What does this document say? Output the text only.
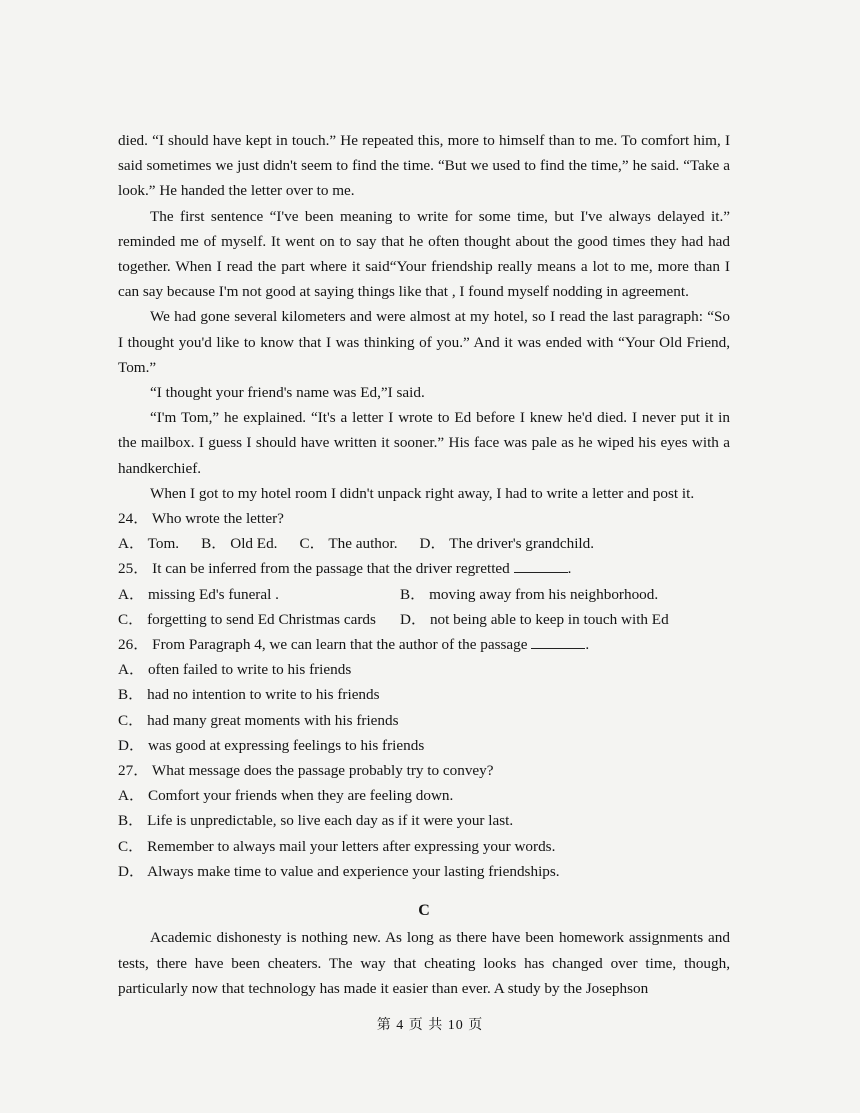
died. “I should have kept in touch.” He repeated this, more to himself than to me. To comfort him, I said sometimes we just didn't seem to find the time. “But we used to find the time,” he said. “Take a look.” He handed the letter over to me.

The first sentence “I've been meaning to write for some time, but I've always delayed it.” reminded me of myself. It went on to say that he often thought about the good times they had had together. When I read the part where it said“Your friendship really means a lot to me, more than I can say because I'm not good at saying things like that , I found myself nodding in agreement.

We had gone several kilometers and were almost at my hotel, so I read the last paragraph: “So I thought you'd like to know that I was thinking of you.” And it was ended with “Your Old Friend, Tom.”

“I thought your friend's name was Ed,”I said.

“I'm Tom,” he explained. “It's a letter I wrote to Ed before I knew he'd died. I never put it in the mailbox. I guess I should have written it sooner.” His face was pale as he wiped his eyes with a handkerchief.

When I got to my hotel room I didn't unpack right away, I had to write a letter and post it.

24． Who wrote the letter?

A． Tom. B． Old Ed. C． The author. D． The driver's grandchild.

25． It can be inferred from the passage that the driver regretted	.

A． missing Ed's funeral .	B． moving away from his neighborhood.
C． forgetting to send Ed Christmas cards	D． not being able to keep in touch with Ed

26． From Paragraph 4, we can learn that the author of the passage	.

A． often failed to write to his friends

B． had no intention to write to his friends

C． had many great moments with his friends

D． was good at expressing feelings to his friends

27． What message does the passage probably try to convey?

A． Comfort your friends when they are feeling down.

B． Life is unpredictable, so live each day as if it were your last.

C． Remember to always mail your letters after expressing your words.

D． Always make time to value and experience your lasting friendships.

C

Academic dishonesty is nothing new. As long as there have been homework assignments and tests, there have been cheaters. The way that cheating looks has changed over time, though, particularly now that technology has made it easier than ever. A study by the Josephson

第 4 页 共 10 页
